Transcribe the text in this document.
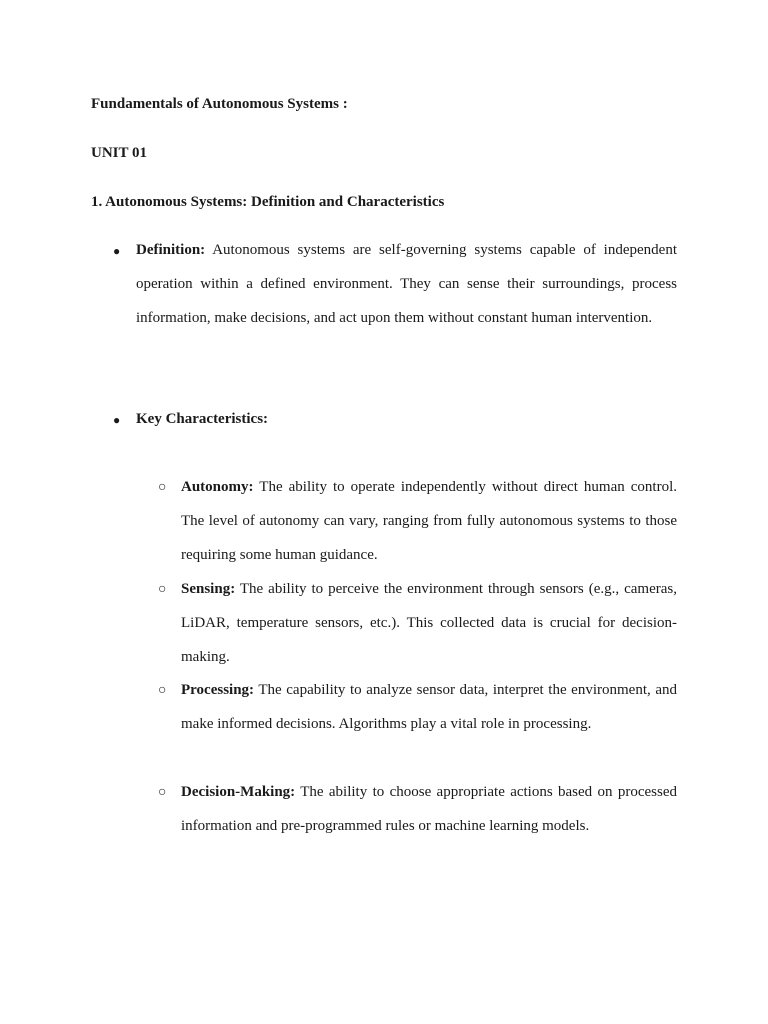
Fundamentals of Autonomous Systems :
UNIT 01
1. Autonomous Systems: Definition and Characteristics
● Definition: Autonomous systems are self-governing systems capable of independent operation within a defined environment. They can sense their surroundings, process information, make decisions, and act upon them without constant human intervention.
● Key Characteristics:
○ Autonomy: The ability to operate independently without direct human control. The level of autonomy can vary, ranging from fully autonomous systems to those requiring some human guidance.
○ Sensing: The ability to perceive the environment through sensors (e.g., cameras, LiDAR, temperature sensors, etc.). This collected data is crucial for decision-making.
○ Processing: The capability to analyze sensor data, interpret the environment, and make informed decisions. Algorithms play a vital role in processing.
○ Decision-Making: The ability to choose appropriate actions based on processed information and pre-programmed rules or machine learning models.
